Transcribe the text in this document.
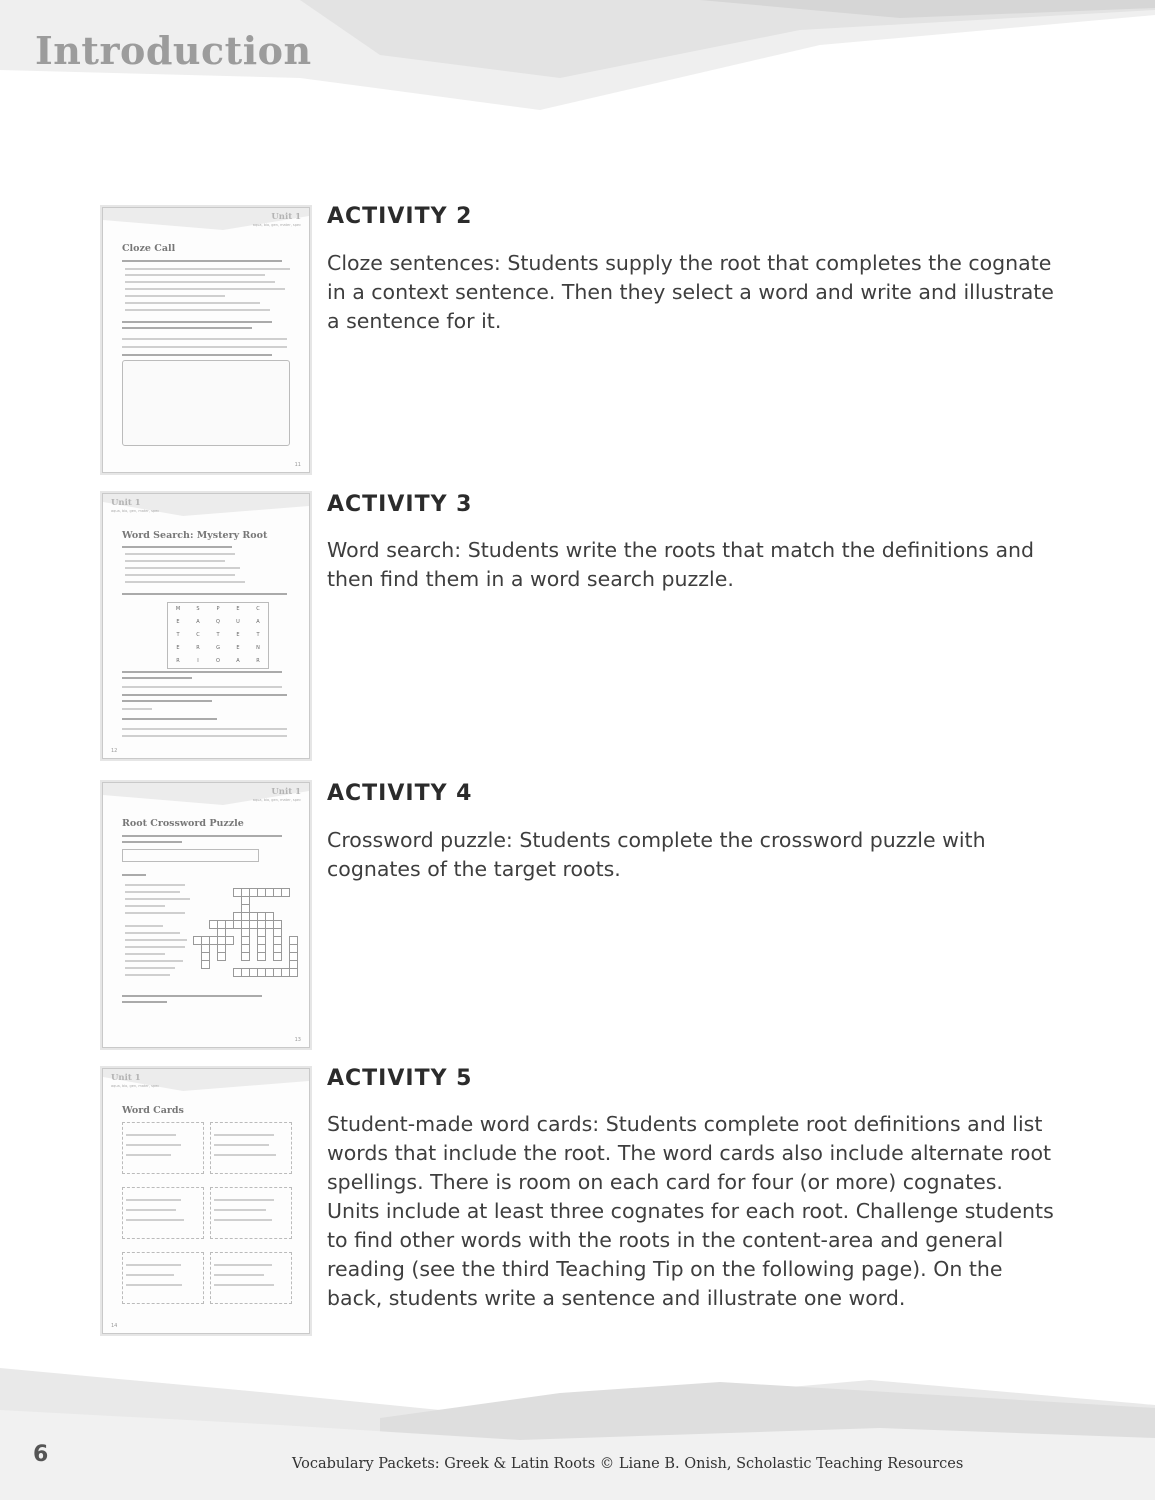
Introduction
Unit 1
aqua, bio, gen, mater, spec
Cloze Call
11
ACTIVITY 2
Cloze sentences: Students supply the root that completes the cognate in a context sentence. Then they select a word and write and illustrate a sentence for it.
Unit 1
aqua, bio, gen, mater, spec
Word Search: Mystery Root
M	S	P	E	C
E	A	Q	U	A
T	C	T	E	T
E	R	G	E	N
R	I	O	A	R
12
ACTIVITY 3
Word search: Students write the roots that match the definitions and then find them in a word search puzzle.
Unit 1
aqua, bio, gen, mater, spec
Root Crossword Puzzle
13
ACTIVITY 4
Crossword puzzle: Students complete the crossword puzzle with cognates of the target roots.
Unit 1
aqua, bio, gen, mater, spec
Word Cards
14
ACTIVITY 5
Student-made word cards: Students complete root definitions and list words that include the root. The word cards also include alternate root spellings. There is room on each card for four (or more) cognates. Units include at least three cognates for each root. Challenge students to find other words with the roots in the content-area and general reading (see the third Teaching Tip on the following page). On the back, students write a sentence and illustrate one word.
6	Vocabulary Packets: Greek & Latin Roots © Liane B. Onish, Scholastic Teaching Resources
